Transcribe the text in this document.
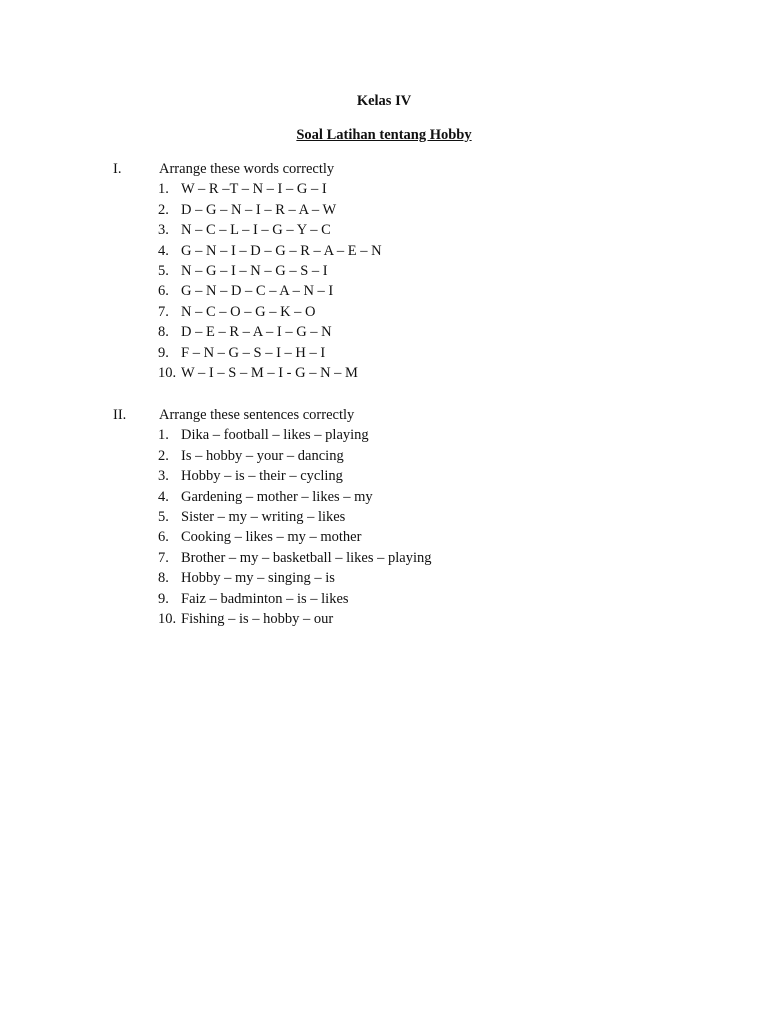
Kelas IV
Soal Latihan tentang Hobby
I.	Arrange these words correctly
1. W – R –T – N – I – G – I
2. D – G – N – I – R – A – W
3. N – C – L – I – G – Y – C
4. G – N – I – D – G – R – A – E – N
5. N – G – I – N – G – S – I
6. G – N – D – C – A – N – I
7. N – C – O – G – K – O
8. D – E – R – A – I – G – N
9. F – N – G – S – I – H – I
10. W – I – S – M – I - G – N – M
II. Arrange these sentences correctly
1. Dika – football – likes – playing
2. Is – hobby – your – dancing
3. Hobby – is – their – cycling
4. Gardening – mother – likes – my
5. Sister – my – writing – likes
6. Cooking – likes – my – mother
7. Brother – my – basketball – likes – playing
8. Hobby – my – singing – is
9. Faiz – badminton – is – likes
10. Fishing – is – hobby – our
